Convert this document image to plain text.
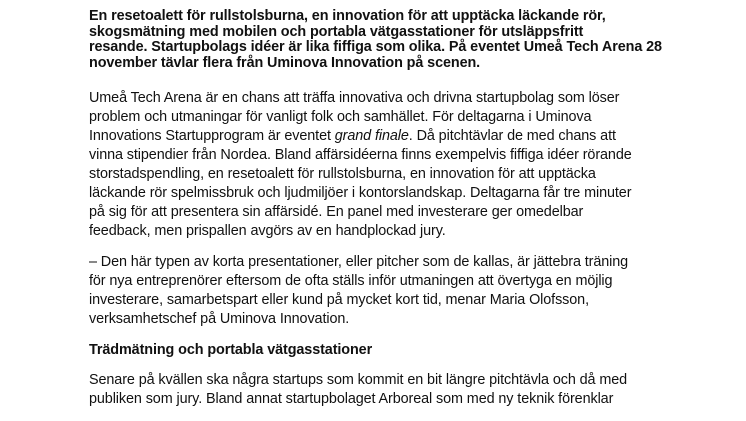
En resetoalett för rullstolsburna, en innovation för att upptäcka läckande rör,
skogsmätning med mobilen och portabla vätgasstationer för utsläppsfritt
resande. Startupbolags idéer är lika fiffiga som olika. På eventet Umeå Tech Arena 28
november tävlar flera från Uminova Innovation på scenen.

Umeå Tech Arena är en chans att träffa innovativa och drivna startupbolag som löser
problem och utmaningar för vanligt folk och samhället. För deltagarna i Uminova
Innovations Startupprogram är eventet grand finale. Då pitchtävlar de med chans att
vinna stipendier från Nordea. Bland affärsidéerna finns exempelvis fiffiga idéer rörande
storstadspendling, en resetoalett för rullstolsburna, en innovation för att upptäcka
läckande rör spelmissbruk och ljudmiljöer i kontorslandskap. Deltagarna får tre minuter
på sig för att presentera sin affärsidé. En panel med investerare ger omedelbar
feedback, men prispallen avgörs av en handplockad jury.

– Den här typen av korta presentationer, eller pitcher som de kallas, är jättebra träning
för nya entreprenörer eftersom de ofta ställs inför utmaningen att övertyga en möjlig
investerare, samarbetspart eller kund på mycket kort tid, menar Maria Olofsson,
verksamhetschef på Uminova Innovation.

Trädmätning och portabla vätgasstationer

Senare på kvällen ska några startups som kommit en bit längre pitchtävla och då med
publiken som jury. Bland annat startupbolaget Arboreal som med ny teknik förenklar
